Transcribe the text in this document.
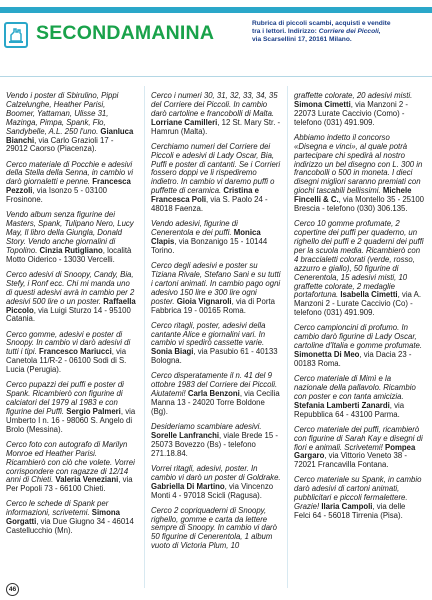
SECONDAMANINA	Rubrica di piccoli scambi, acquisti e vendite
tra i lettori. Indirizzo: Corriere dei Piccoli,
via Scarsellini 17, 20161 Milano.

Vendo i poster di Sbirulino, Pippi Calzelunghe, Heather Parisi, Boomer, Yattaman, Ulisse 31, Mazinga, Pimpa, Spank, Flo, Sandybelle, A.L. 250 l'uno. Gianluca Bianchi, via Carlo Grazioli 17 - 29012 Caorso (Piacenza).

Cerco materiale di Pocchie e adesivi della Stella della Senna, in cambio vi darò giornaletti e penne. Francesca Pezzoli, via Isonzo 5 - 03100 Frosinone.

Vendo album senza figurine dei Masters, Spank, Tulipano Nero, Lucy May, Il libro della Giungla, Donald Story. Vendo anche giornalini di Topolino. Cinzia Rutigliano, località Motto Oiderico - 13030 Vercelli.

Cerco adesivi di Snoopy, Candy, Bia, Stefy, i Ronf ecc. Chi mi manda uno di questi adesivi avrà in cambio per 2 adesivi 500 lire o un poster. Raffaella Piccolo, via Luigi Sturzo 14 - 95100 Catania.

Cerco gomme, adesivi e poster di Snoopy. In cambio vi darò adesivi di tutti i tipi. Francesco Mariucci, via Canetola 11/R-2 - 06100 Sodi di S. Lucia (Perugia).

Cerco pupazzi dei puffi e poster di Spank. Ricambierò con figurine di calciatori del 1979 al 1983 e con figurine dei Puffi. Sergio Palmeri, via Umberto I n. 16 - 98060 S. Angelo di Brolo (Messina).

Cerco foto con autografo di Marilyn Monroe ed Heather Parisi. Ricambierò con ciò che volete. Vorrei corrispondere con ragazze di 12/14 anni di Chieti. Valeria Veneziani, via Per Popoli 73 - 66100 Chieti.

Cerco le schede di Spank per informazioni, scrivetemi. Simona Gorgatti, via Due Giugno 34 - 46014 Castellucchio (Mn).

Cerco i numeri 30, 31, 32, 33, 34, 35 del Corriere dei Piccoli. In cambio darò cartoline e francobolli di Malta. Lorriane Camilleri, 12 St. Mary Str. - Hamrun (Malta).

Cerchiamo numeri del Corriere dei Piccoli e adesivi di Lady Oscar, Bia, Puffi e poster di cantanti. Se i Corrieri fossero doppi ve li rispediremo indietro. In cambio vi daremo puffi o puffette di ceramica. Cristina e Francesca Poli, via S. Paolo 24 - 48018 Faenza.

Vendo adesivi, figurine di Cenerentola e dei puffi. Monica Clapis, via Bonzanigo 15 - 10144 Torino.

Cerco degli adesivi e poster su Tiziana Rivale, Stefano Sani e su tutti i cartoni animati. In cambio pago ogni adesivo 150 lire e 300 lire ogni poster. Gioia Vignaroli, via di Porta Fabbrica 19 - 00165 Roma.

Cerco ritagli, poster, adesivi della cantante Alice e giornalini vari. In cambio vi spedirò cassette varie. Sonia Biagi, via Pasubio 61 - 40133 Bologna.

Cerco disperatamente il n. 41 del 9 ottobre 1983 del Corriere dei Piccoli. Aiutatemi! Carla Benzoni, via Cecilia Manna 13 - 24020 Torre Boldone (Bg).

Desideriamo scambiare adesivi. Sorelle Lanfranchi, viale Brede 15 - 25073 Bovezzo (Bs) - telefono 271.18.84.

Vorrei ritagli, adesivi, poster. In cambio vi darò un poster di Goldrake. Gabriella Di Martino, via Vincenzo Monti 4 - 97018 Scicli (Ragusa).

Cerco 2 copriquaderni di Snoopy, righello, gomme e carta da lettere sempre di Snoopy. In cambio vi darò 50 figurine di Cenerentola, 1 album vuoto di Victoria Plum, 10

graffette colorate, 20 adesivi misti. Simona Cimetti, via Manzoni 2 - 22073 Lurate Caccivio (Como) - telefono (031) 491.909.

Abbiamo indetto il concorso «Disegna e vinci», al quale potrà partecipare chi spedirà al nostro indirizzo un bel disegno con L. 300 in francobolli o 500 in moneta. I dieci disegni migliori saranno premiati con giochi tascabili bellissimi. Michele Fincelli & C., via Montello 35 - 25100 Brescia - telefono (030) 306.135.

Cerco 10 gomme profumate, 2 copertine dei puffi per quaderno, un righello dei puffi e 2 quaderni dei puffi per la scuola media. Ricambierò con 4 braccialetti colorati (verde, rosso, azzurro e giallo), 50 figurine di Cenerentola, 15 adesivi misti, 10 graffette colorate, 2 medaglie portafortuna. Isabella Cimetti, via A. Manzoni 2 - Lurate Caccivio (Co) - telefono (031) 491.909.

Cerco campioncini di profumo. In cambio darò figurine di Lady Oscar, cartoline d'Italia e gomme profumate. Simonetta Di Meo, via Dacia 23 - 00183 Roma.

Cerco materiale di Mimì e la nazionale della pallavolo. Ricambio con poster e con tanta amicizia. Stefania Lamberti Zanardi, via Repubblica 64 - 43100 Parma.

Cerco materiale dei puffi, ricambierò con figurine di Sarah Kay e disegni di fiori e animali. Scrivetemi! Pompea Gargaro, via Vittorio Veneto 38 - 72021 Francavilla Fontana.

Cerco materiale su Spank, in cambio darò adesivi di cartoni animati, pubblicitari e piccoli fermalettere. Grazie! Ilaria Campoli, via delle Felci 64 - 56018 Tirrenia (Pisa).

46
